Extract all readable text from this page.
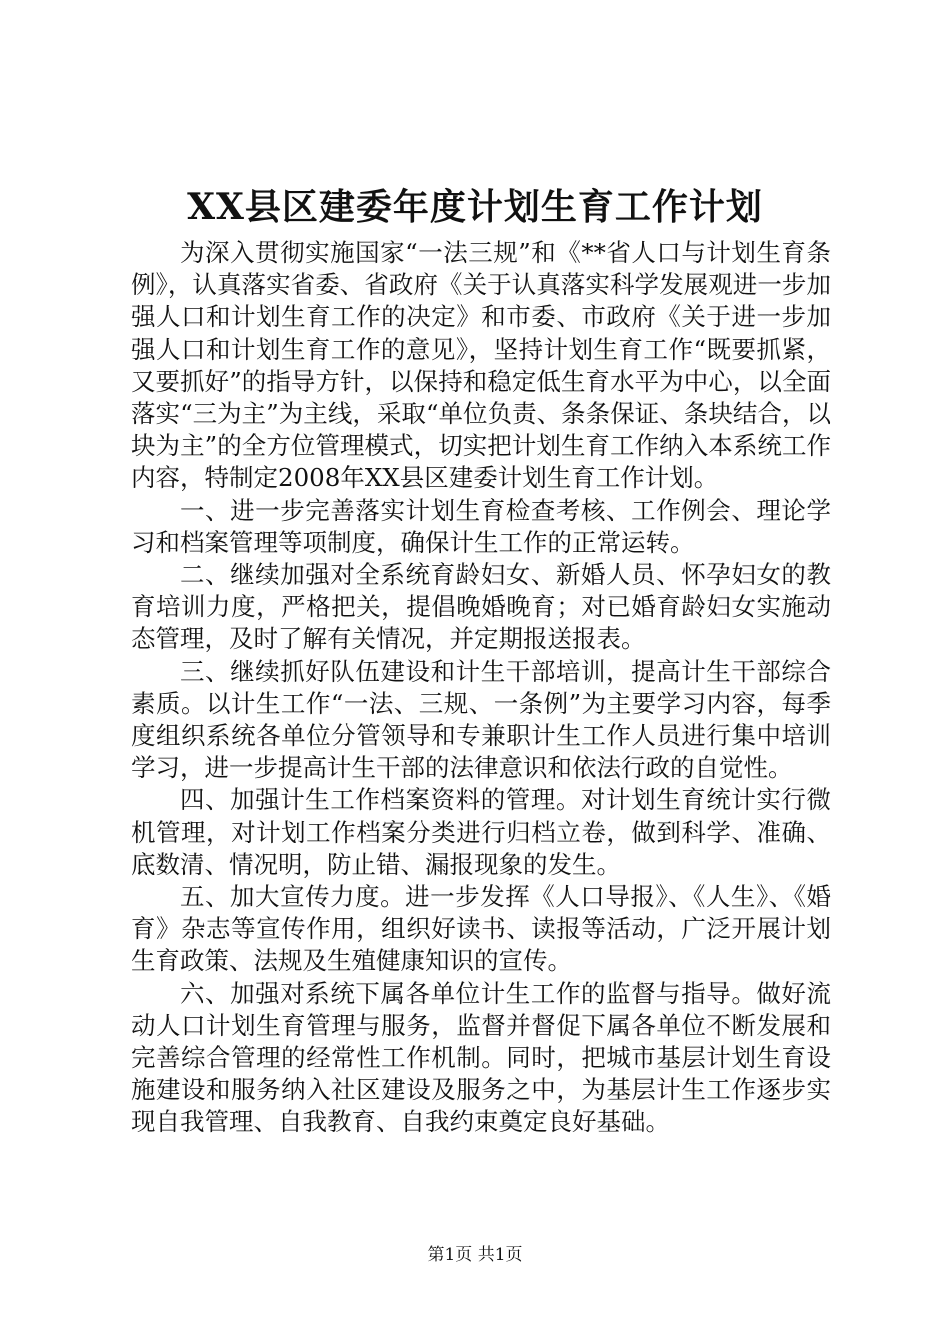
XX县区建委年度计划生育工作计划

为深入贯彻实施国家“一法三规”和《**省人口与计划生育条例》，认真落实省委、省政府《关于认真落实科学发展观进一步加强人口和计划生育工作的决定》和市委、市政府《关于进一步加强人口和计划生育工作的意见》，坚持计划生育工作“既要抓紧，又要抓好”的指导方针，以保持和稳定低生育水平为中心，以全面落实“三为主”为主线，采取“单位负责、条条保证、条块结合，以块为主”的全方位管理模式，切实把计划生育工作纳入本系统工作内容，特制定2008年XX县区建委计划生育工作计划。

一、进一步完善落实计划生育检查考核、工作例会、理论学习和档案管理等项制度，确保计生工作的正常运转。

二、继续加强对全系统育龄妇女、新婚人员、怀孕妇女的教育培训力度，严格把关，提倡晚婚晚育；对已婚育龄妇女实施动态管理，及时了解有关情况，并定期报送报表。

三、继续抓好队伍建设和计生干部培训，提高计生干部综合素质。以计生工作“一法、三规、一条例”为主要学习内容，每季度组织系统各单位分管领导和专兼职计生工作人员进行集中培训学习，进一步提高计生干部的法律意识和依法行政的自觉性。

四、加强计生工作档案资料的管理。对计划生育统计实行微机管理，对计划工作档案分类进行归档立卷，做到科学、准确、底数清、情况明，防止错、漏报现象的发生。

五、加大宣传力度。进一步发挥《人口导报》、《人生》、《婚育》杂志等宣传作用，组织好读书、读报等活动，广泛开展计划生育政策、法规及生殖健康知识的宣传。

六、加强对系统下属各单位计生工作的监督与指导。做好流动人口计划生育管理与服务，监督并督促下属各单位不断发展和完善综合管理的经常性工作机制。同时，把城市基层计划生育设施建设和服务纳入社区建设及服务之中，为基层计生工作逐步实现自我管理、自我教育、自我约束奠定良好基础。

第1页 共1页
